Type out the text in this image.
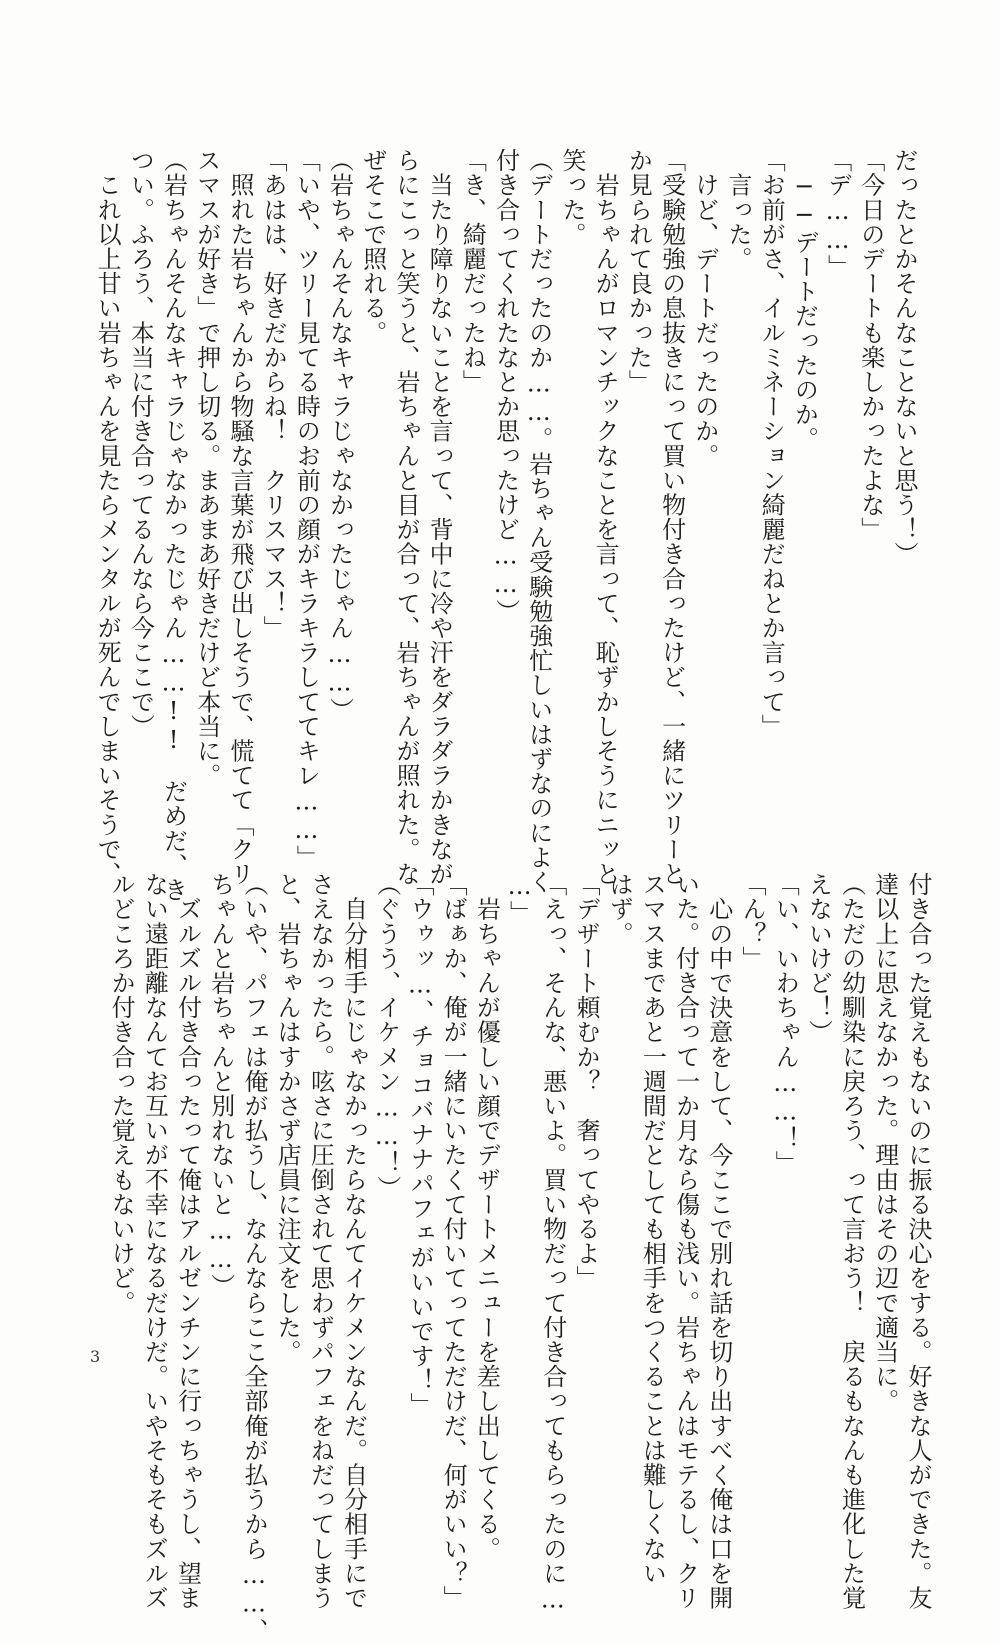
だったとかそんなことないと思う！）
「今日のデートも楽しかったよな」
「デ……」
　──デートだったのか。
「お前がさ、イルミネーション綺麗だねとか言って」
　言った。
　けど、デートだったのか。
「受験勉強の息抜きにって買い物付き合ったけど、一緒にツリーと
か見られて良かった」
　岩ちゃんがロマンチックなことを言って、恥ずかしそうにニッと
笑った。
（デートだったのか……。岩ちゃん受験勉強忙しいはずなのによく
付き合ってくれたなとか思ったけど……）
「き、綺麗だったね」
　当たり障りないことを言って、背中に冷や汗をダラダラかきなが
らにこっと笑うと、岩ちゃんと目が合って、岩ちゃんが照れた。な
ぜそこで照れる。
（岩ちゃんそんなキャラじゃなかったじゃん……）
「いや、ツリー見てる時のお前の顔がキラキラしててキレ……」
「あはは、好きだからね！　クリスマス！」
　照れた岩ちゃんから物騒な言葉が飛び出しそうで、慌てて「クリ
スマスが好き」で押し切る。まあまあ好きだけど本当に。
（岩ちゃんそんなキャラじゃなかったじゃん……!!　だめだ、き
つい。ふろう、本当に付き合ってるんなら今ここで）
　これ以上甘い岩ちゃんを見たらメンタルが死んでしまいそうで、
付き合った覚えもないのに振る決心をする。好きな人ができた。友
達以上に思えなかった。理由はその辺で適当に。
（ただの幼馴染に戻ろう、って言おう！　戻るもなんも進化した覚
えないけど！）
「い、いわちゃん……！」
「ん？」
　心の中で決意をして、今ここで別れ話を切り出すべく俺は口を開
いた。付き合って一か月なら傷も浅い。岩ちゃんはモテるし、クリ
スマスまであと一週間だとしても相手をつくることは難しくない
はず。
「デザート頼むか？　奢ってやるよ」
「えっ、そんな、悪いよ。買い物だって付き合ってもらったのに…
…」
　岩ちゃんが優しい顔でデザートメニューを差し出してくる。
「ばぁか、俺が一緒にいたくて付いてってただけだ、何がいい？」
「ウゥッ…、チョコバナナパフェがいいです！」
（ぐうう、イケメン……！）
　自分相手にじゃなかったらなんてイケメンなんだ。自分相手にで
さえなかったら。呟さに圧倒されて思わずパフェをねだってしまう
と、岩ちゃんはすかさず店員に注文をした。
（いや、パフェは俺が払うし、なんならここ全部俺が払うから……、
ちゃんと岩ちゃんと別れないと……）
　ズルズル付き合ったって俺はアルゼンチンに行っちゃうし、望ま
ない遠距離なんてお互いが不幸になるだけだ。いやそもそもズルズ
ルどころか付き合った覚えもないけど。
3
